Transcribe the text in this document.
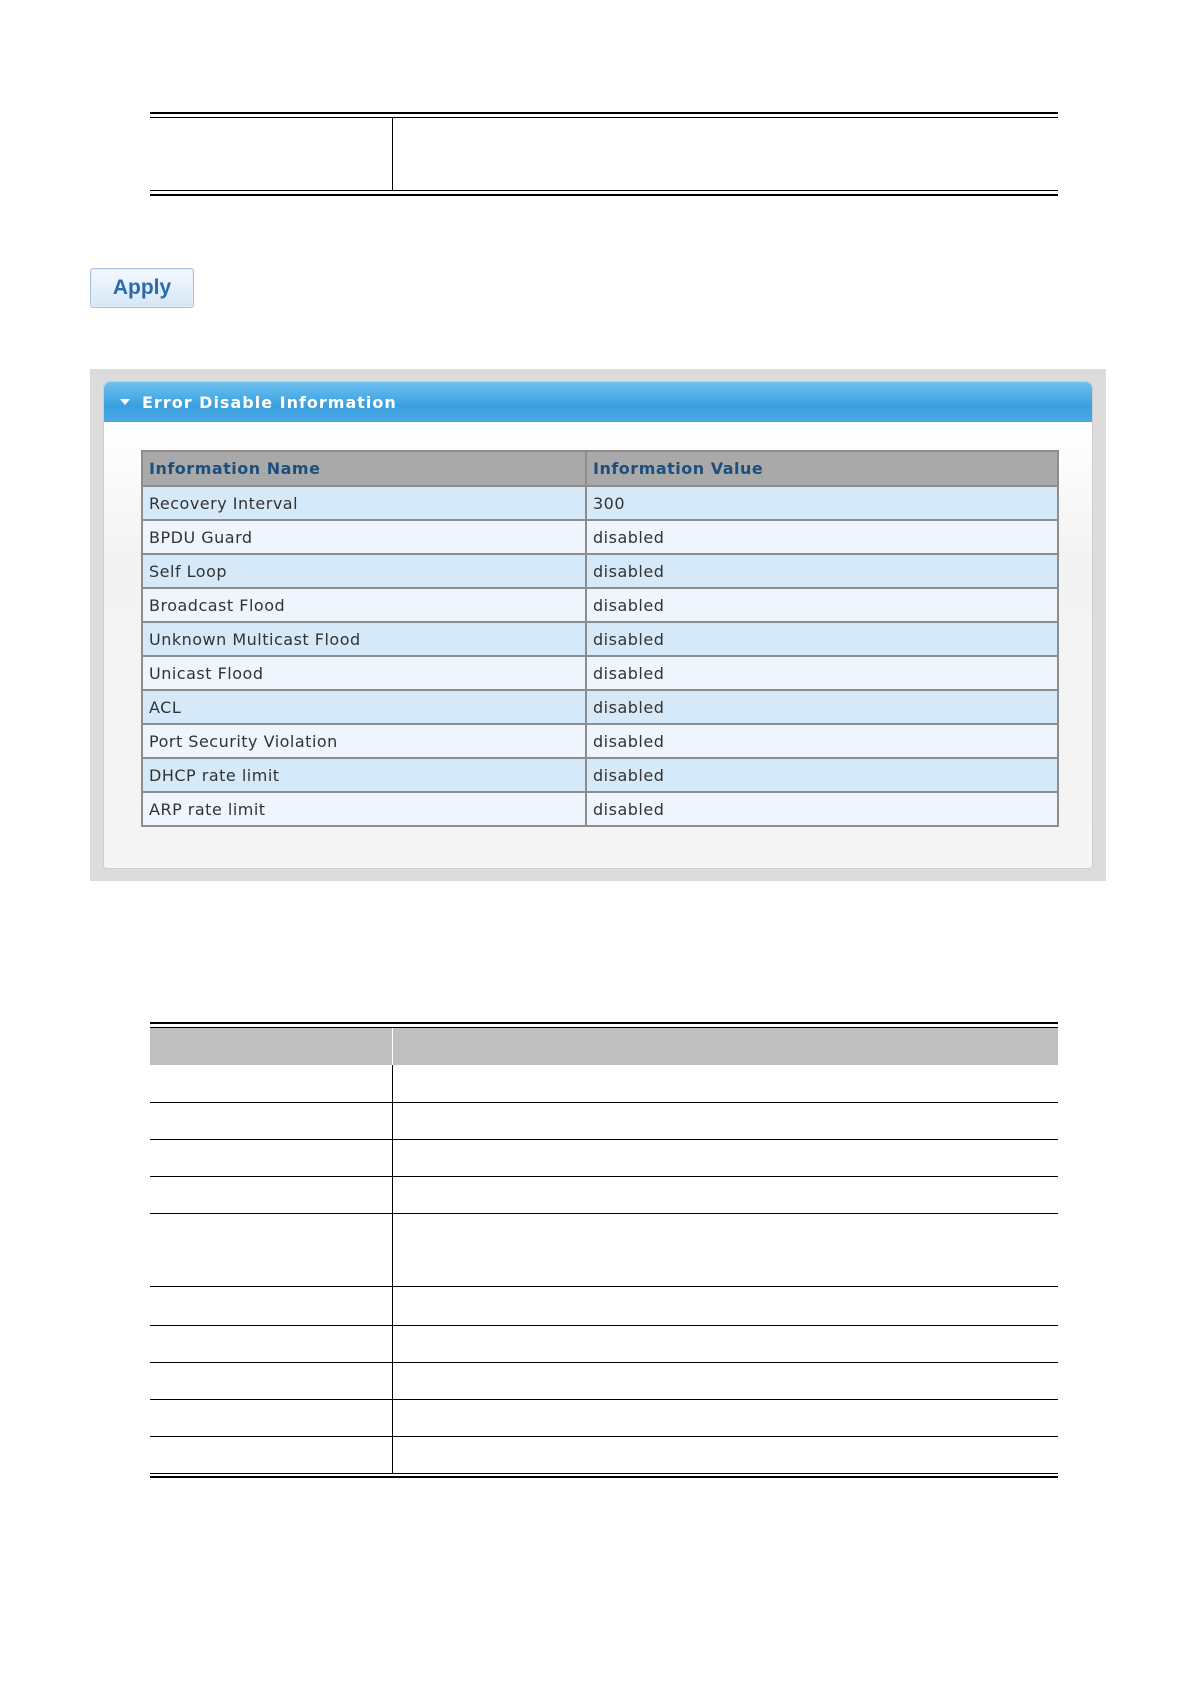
Apply
Error Disable Information
Information Name	Information Value
Recovery Interval	300
BPDU Guard	disabled
Self Loop	disabled
Broadcast Flood	disabled
Unknown Multicast Flood	disabled
Unicast Flood	disabled
ACL	disabled
Port Security Violation	disabled
DHCP rate limit	disabled
ARP rate limit	disabled
